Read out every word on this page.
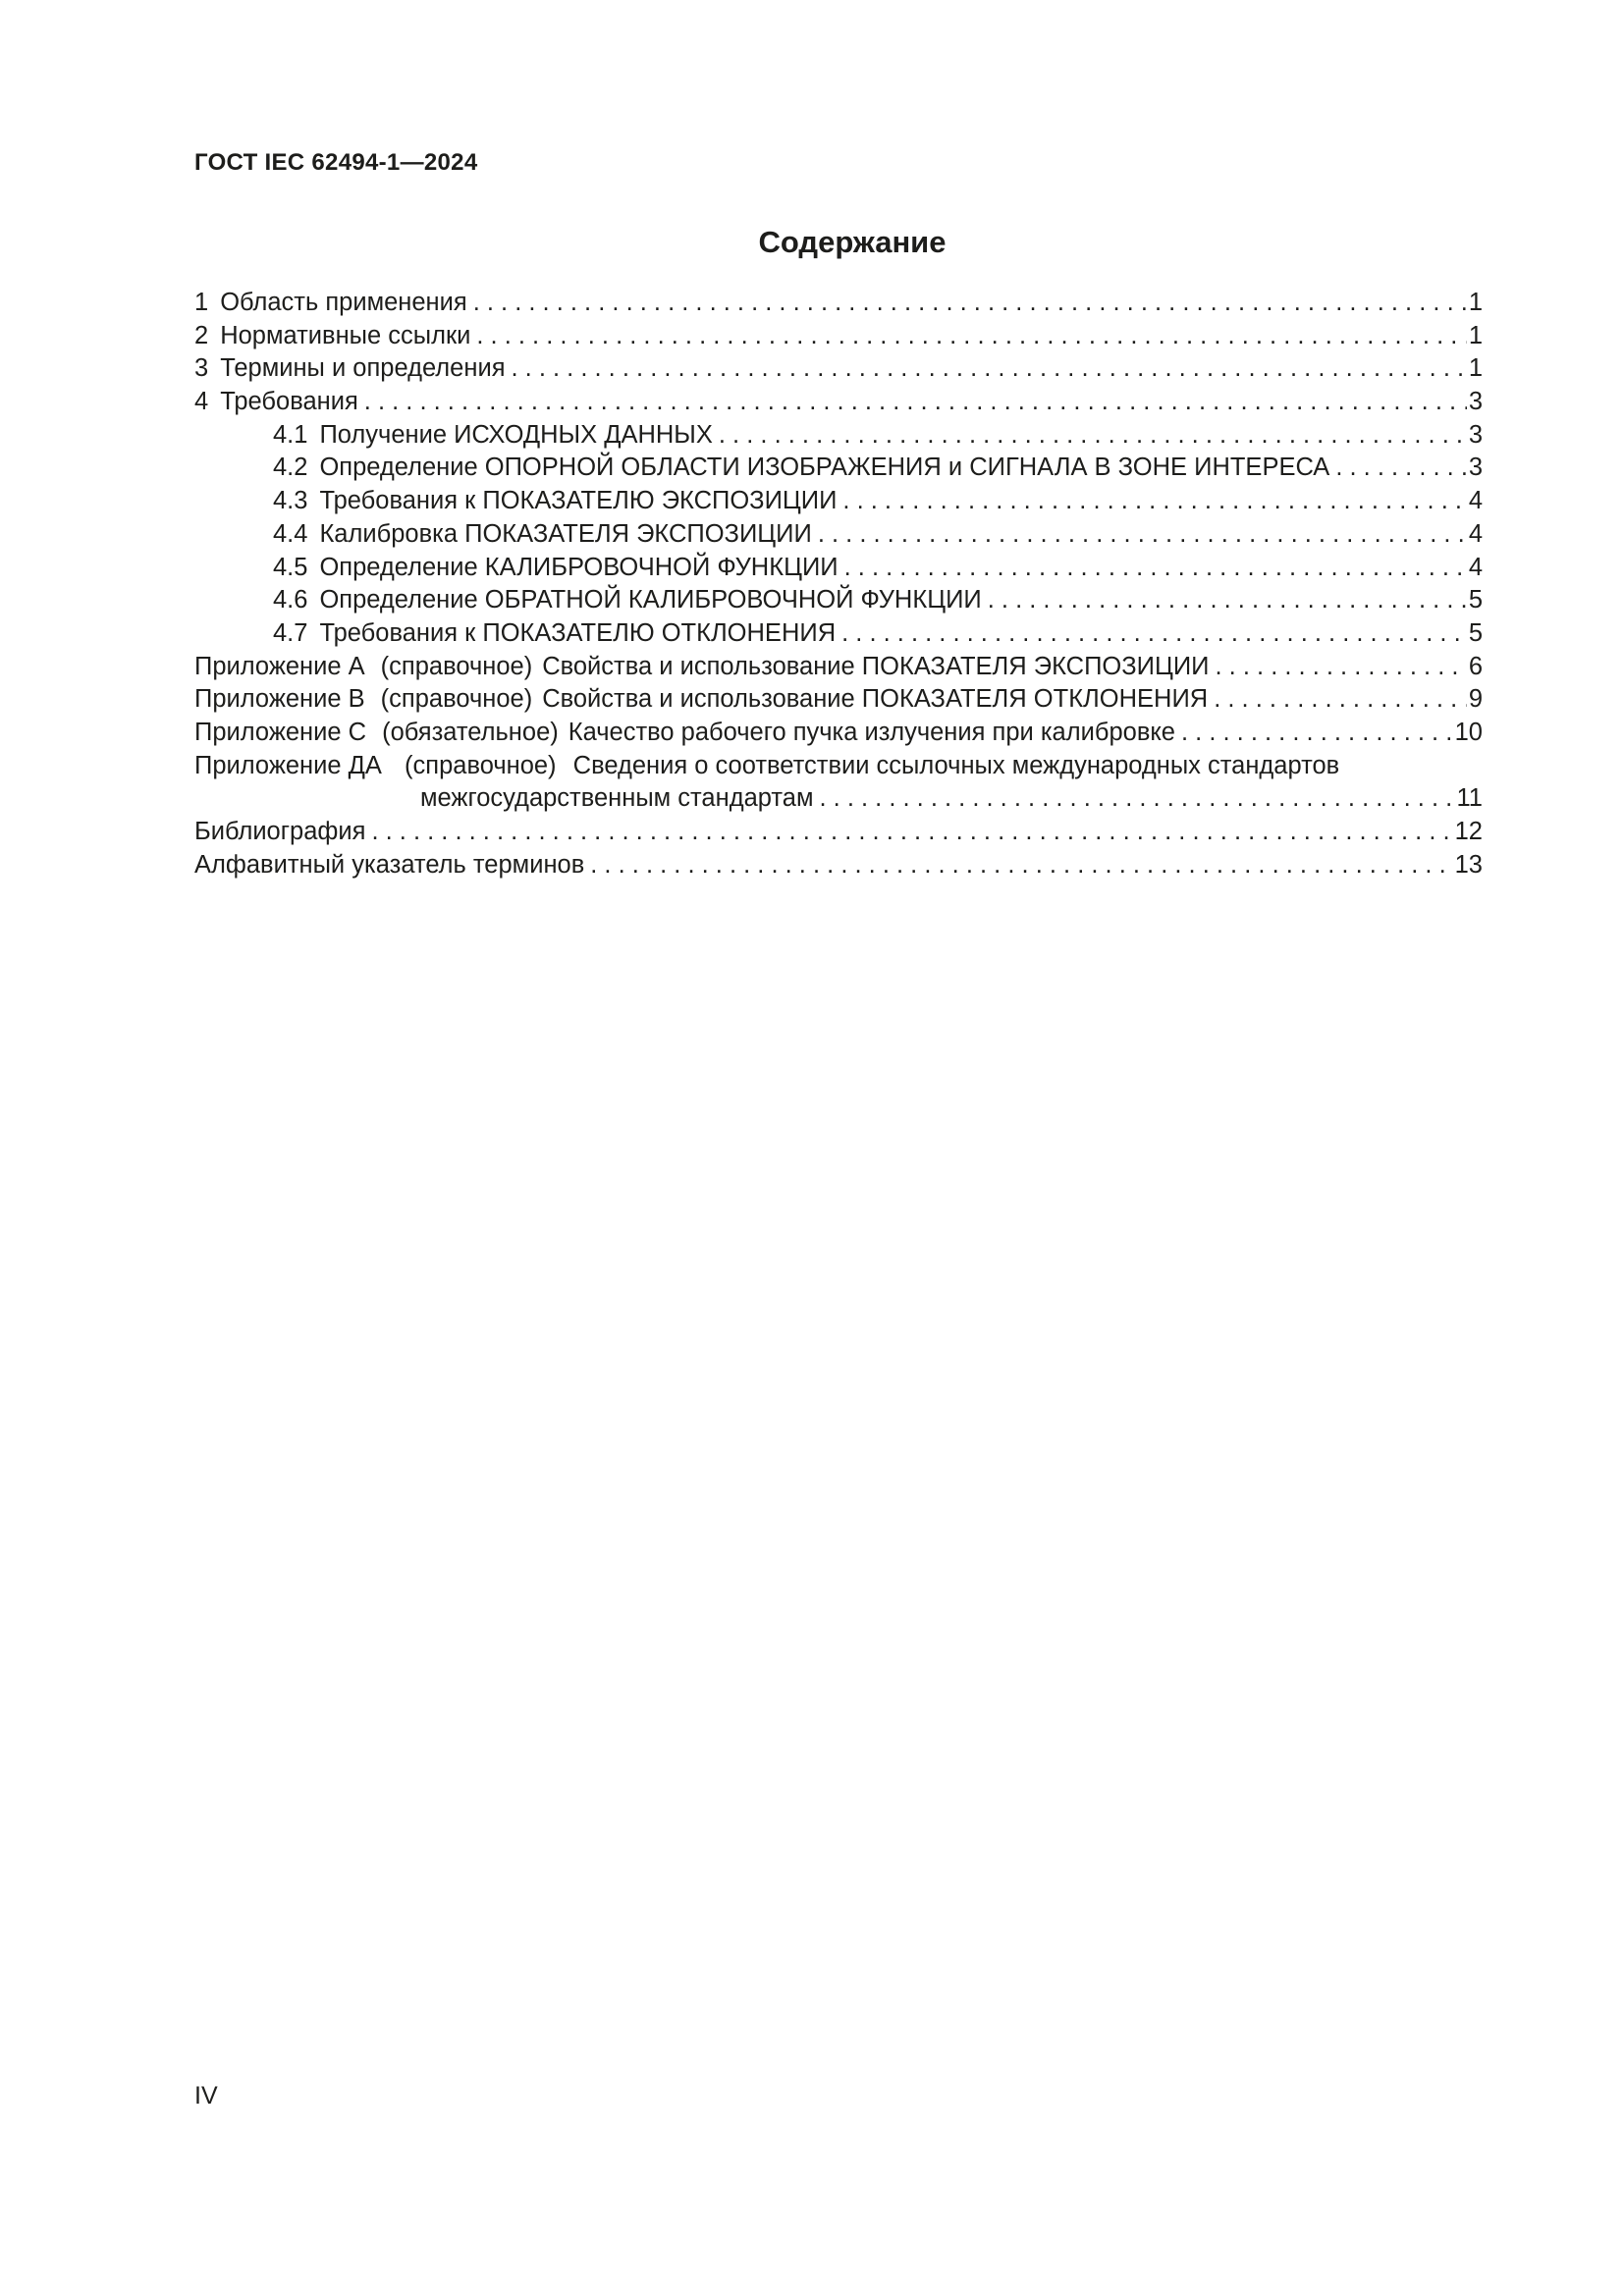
ГОСТ IEC 62494-1—2024
Содержание
1 Область применения . . .	1
2 Нормативные ссылки . . .	1
3 Термины и определения . . .	1
4 Требования . . .	3
4.1 Получение ИСХОДНЫХ ДАННЫХ . . .	3
4.2 Определение ОПОРНОЙ ОБЛАСТИ ИЗОБРАЖЕНИЯ и СИГНАЛА В ЗОНЕ ИНТЕРЕСА . . .	3
4.3 Требования к ПОКАЗАТЕЛЮ ЭКСПОЗИЦИИ . . .	4
4.4 Калибровка ПОКАЗАТЕЛЯ ЭКСПОЗИЦИИ . . .	4
4.5 Определение КАЛИБРОВОЧНОЙ ФУНКЦИИ . . .	4
4.6 Определение ОБРАТНОЙ КАЛИБРОВОЧНОЙ ФУНКЦИИ . . .	5
4.7 Требования к ПОКАЗАТЕЛЮ ОТКЛОНЕНИЯ . . .	5
Приложение А (справочное) Свойства и использование ПОКАЗАТЕЛЯ ЭКСПОЗИЦИИ . . .	6
Приложение В (справочное) Свойства и использование ПОКАЗАТЕЛЯ ОТКЛОНЕНИЯ . . .	9
Приложение С (обязательное) Качество рабочего пучка излучения при калибровке . . .	10
Приложение ДА (справочное) Сведения о соответствии ссылочных международных стандартов
межгосударственным стандартам . . .	11
Библиография . . .	12
Алфавитный указатель терминов . . .	13
IV
